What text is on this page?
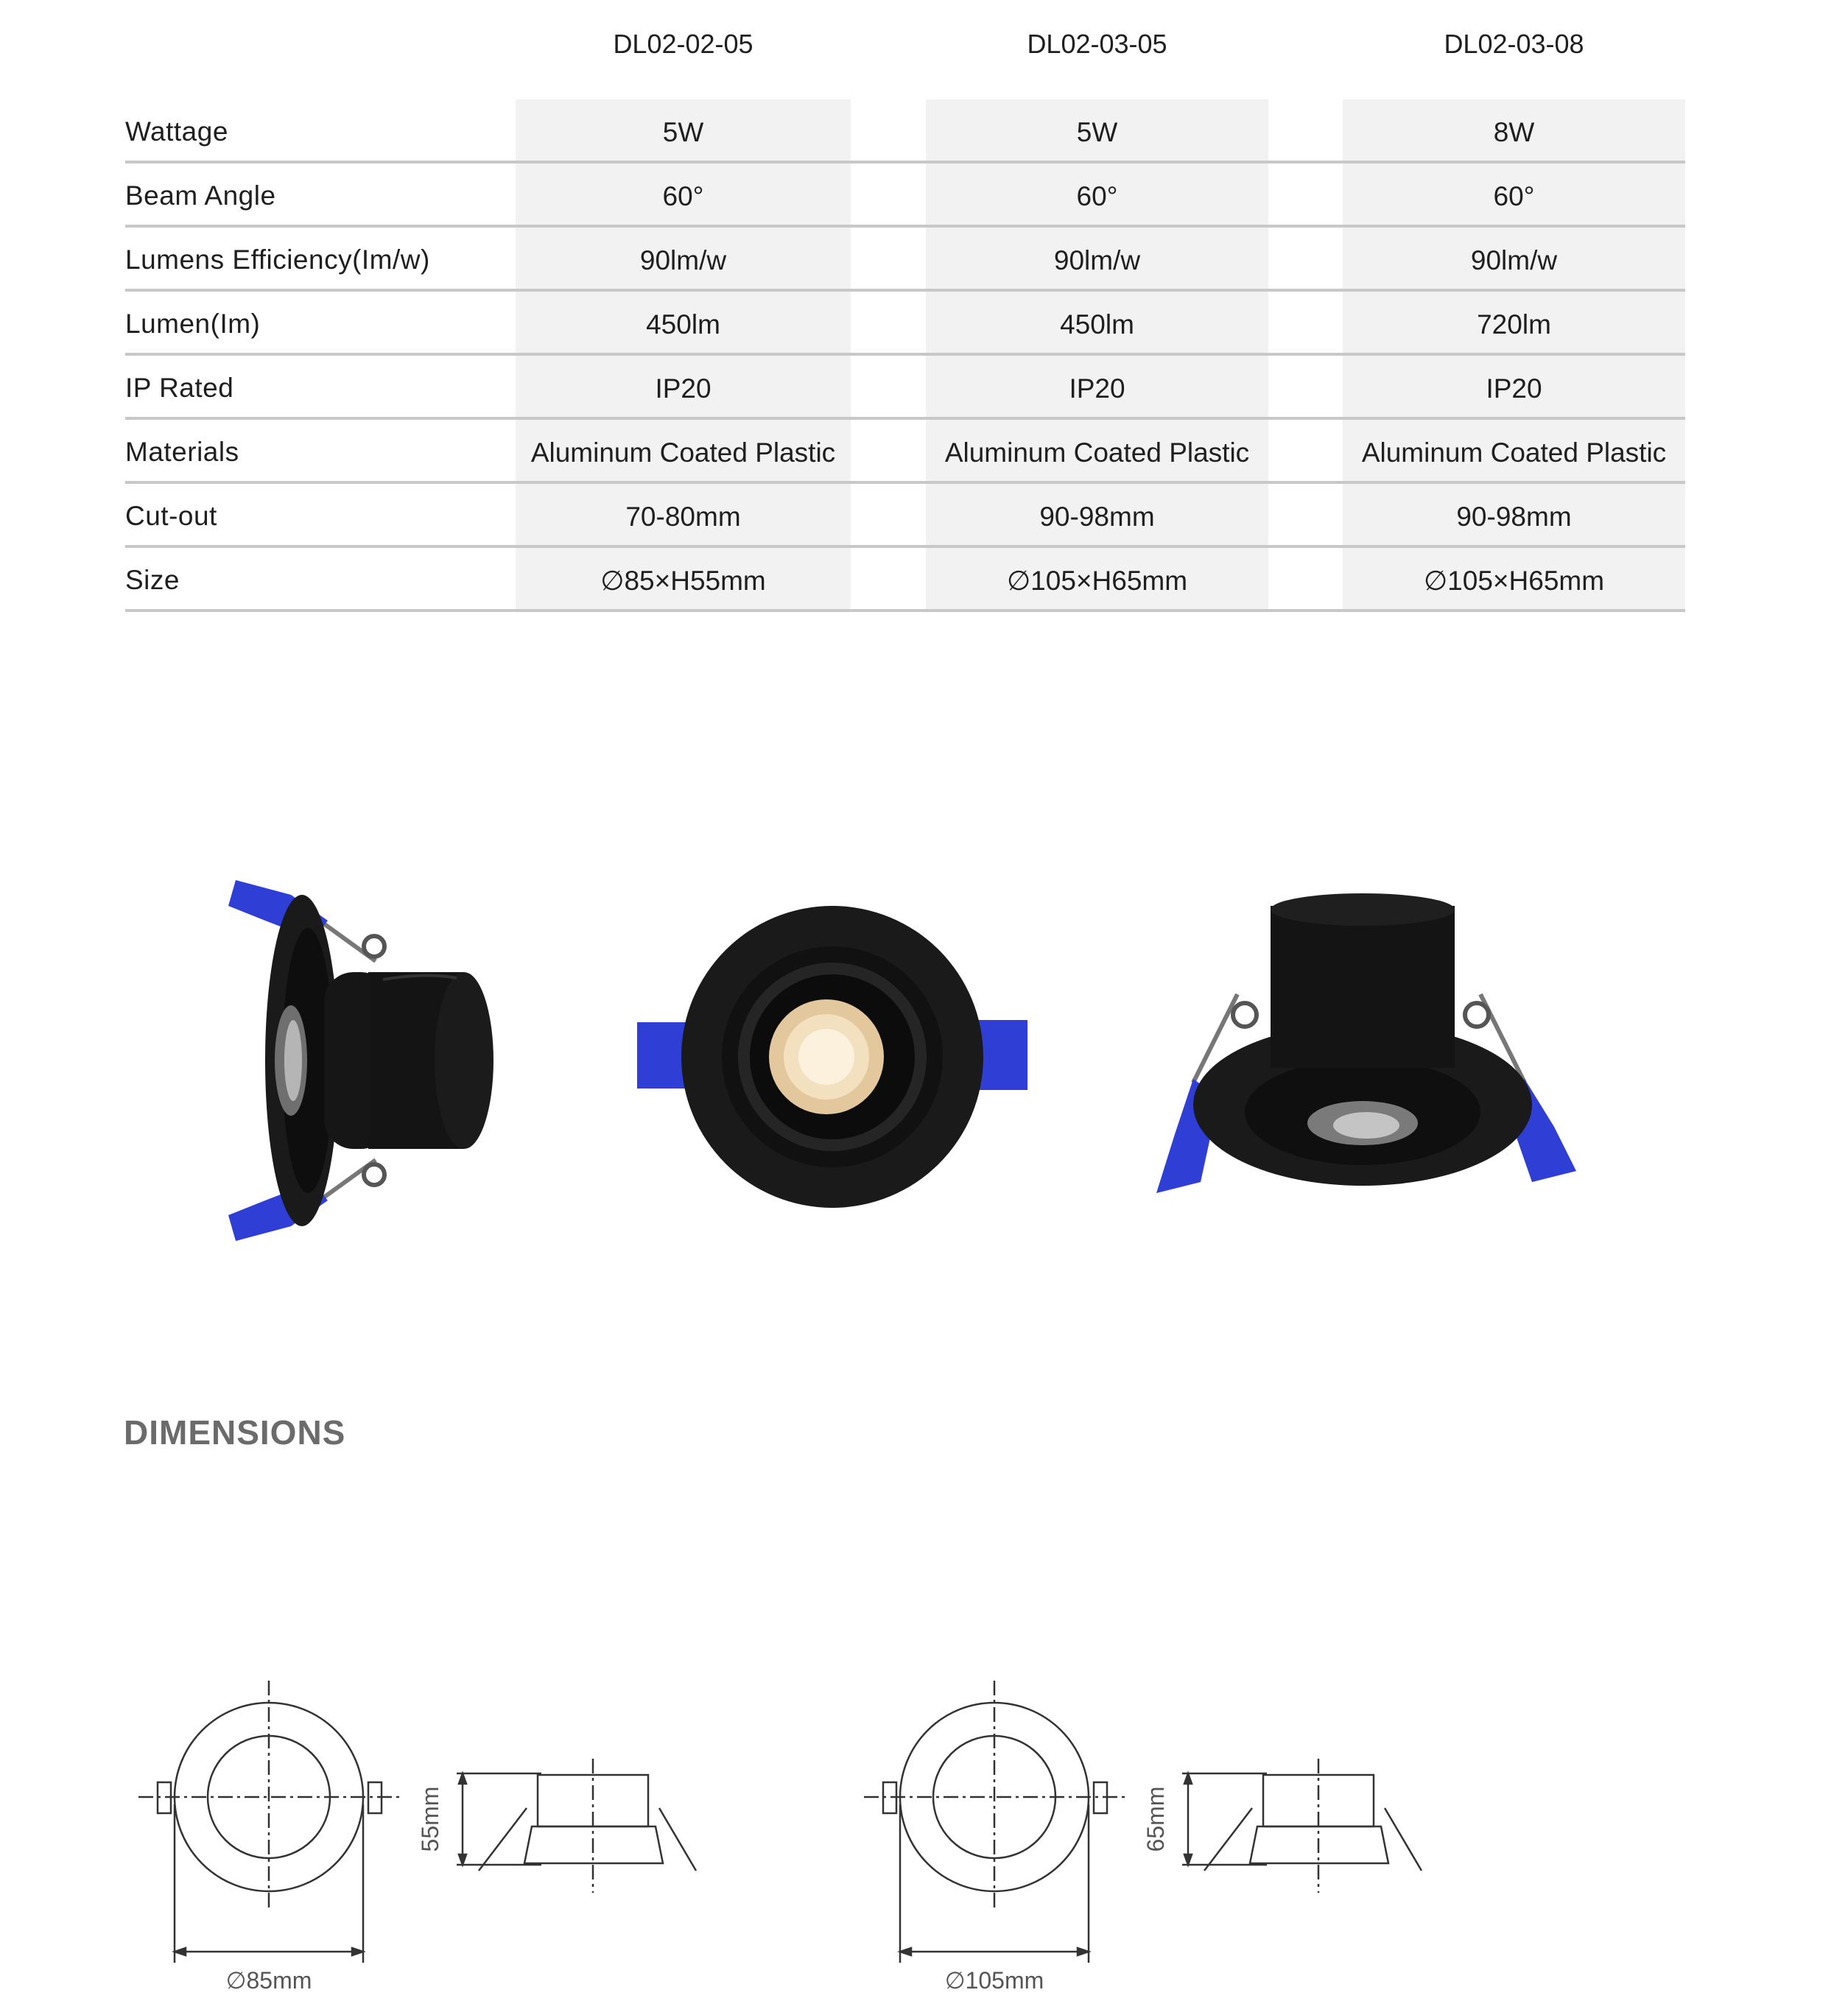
DL02-02-05	DL02-03-05	DL02-03-08
Wattage	5W	5W	8W
Beam Angle	60°	60°	60°
Lumens Efficiency(Im/w)	90lm/w	90lm/w	90lm/w
Lumen(Im)	450lm	450lm	720lm
IP Rated	IP20	IP20	IP20
Materials	Aluminum Coated Plastic	Aluminum Coated Plastic	Aluminum Coated Plastic
Cut-out	70-80mm	90-98mm	90-98mm
Size	∅85×H55mm	∅105×H65mm	∅105×H65mm
DIMENSIONS
∅85mm
55mm
∅105mm
65mm
